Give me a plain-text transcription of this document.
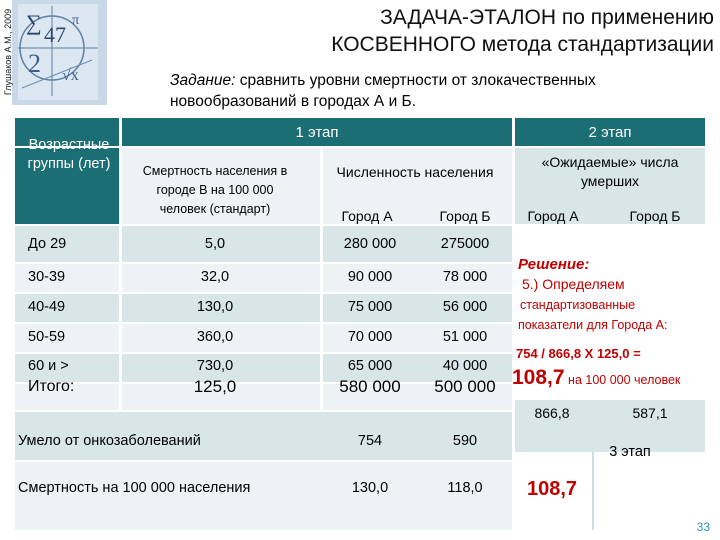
∑ 47
2 √x
π
Глушаков А.М., 2009	ЗАДАЧА-ЭТАЛОН по применению
КОСВЕННОГО метода стандартизации
Задание: сравнить уровни смертности от злокачественных
новообразований в городах А и Б.
Возрастные группы (лет)
1 этап	2 этап
Смертность населения в городе В на 100 000 человек (стандарт)
Численность населения
«Ожидаемые» числа умерших
Город А	Город Б	Город А	Город Б
До 29	5,0	280 000	275000
30-39	32,0	90 000	78 000
40-49	130,0	75 000	56 000
50-59	360,0	70 000	51 000
60 и >	730,0	65 000	40 000
Итого:	125,0	580 000	500 000
Умело от онкозаболеваний	754	590
Смертность на 100 000 населения	130,0	118,0
Решение:
5.) Определяем
стандартизованные
показатели для Города А:
754 / 866,8 Х 125,0 =
108,7 на 100 000 человек
866,8	587,1
3 этап
108,7
33
